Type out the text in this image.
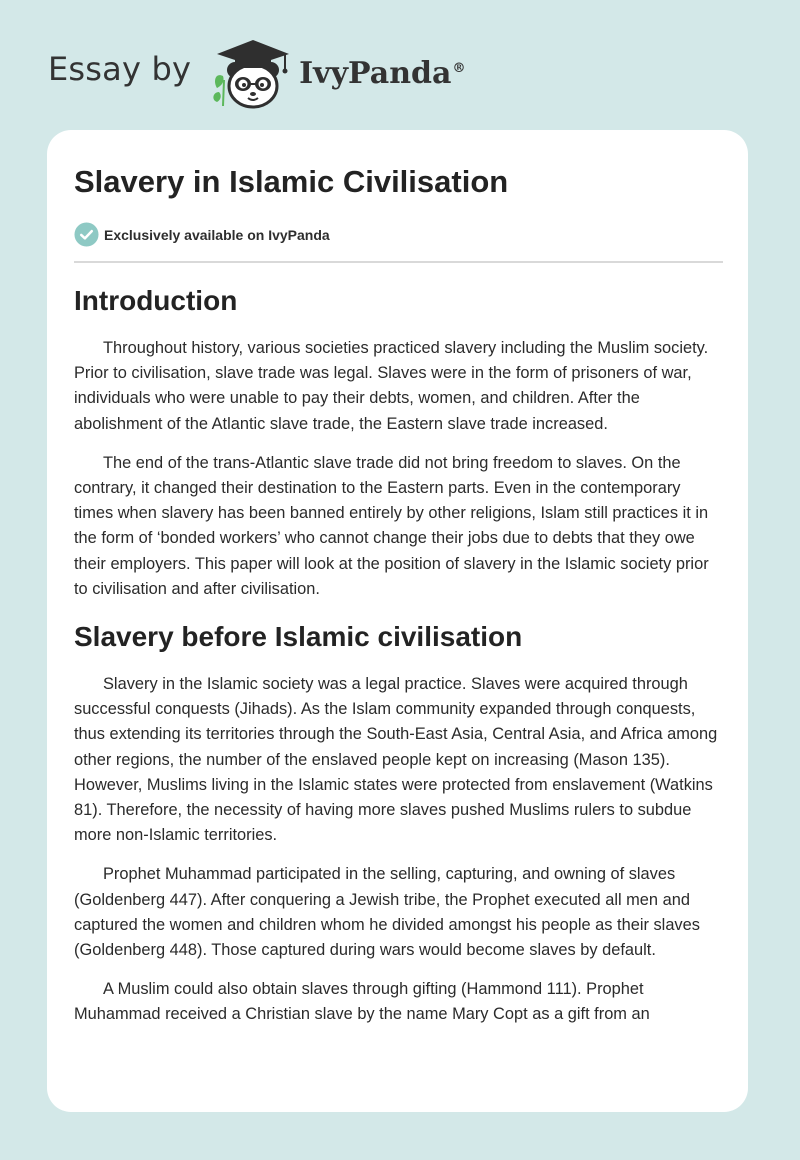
Essay by	IvyPanda®
Slavery in Islamic Civilisation
Exclusively available on IvyPanda
Introduction

Throughout history, various societies practiced slavery including the Muslim society. Prior to civilisation, slave trade was legal. Slaves were in the form of prisoners of war, individuals who were unable to pay their debts, women, and children. After the abolishment of the Atlantic slave trade, the Eastern slave trade increased.

The end of the trans-Atlantic slave trade did not bring freedom to slaves. On the contrary, it changed their destination to the Eastern parts. Even in the contemporary times when slavery has been banned entirely by other religions, Islam still practices it in the form of ‘bonded workers’ who cannot change their jobs due to debts that they owe their employers. This paper will look at the position of slavery in the Islamic society prior to civilisation and after civilisation.

Slavery before Islamic civilisation

Slavery in the Islamic society was a legal practice. Slaves were acquired through successful conquests (Jihads). As the Islam community expanded through conquests, thus extending its territories through the South-East Asia, Central Asia, and Africa among other regions, the number of the enslaved people kept on increasing (Mason 135). However, Muslims living in the Islamic states were protected from enslavement (Watkins 81). Therefore, the necessity of having more slaves pushed Muslims rulers to subdue more non-Islamic territories.

Prophet Muhammad participated in the selling, capturing, and owning of slaves (Goldenberg 447). After conquering a Jewish tribe, the Prophet executed all men and captured the women and children whom he divided amongst his people as their slaves (Goldenberg 448). Those captured during wars would become slaves by default.

A Muslim could also obtain slaves through gifting (Hammond 111). Prophet Muhammad received a Christian slave by the name Mary Copt as a gift from an
